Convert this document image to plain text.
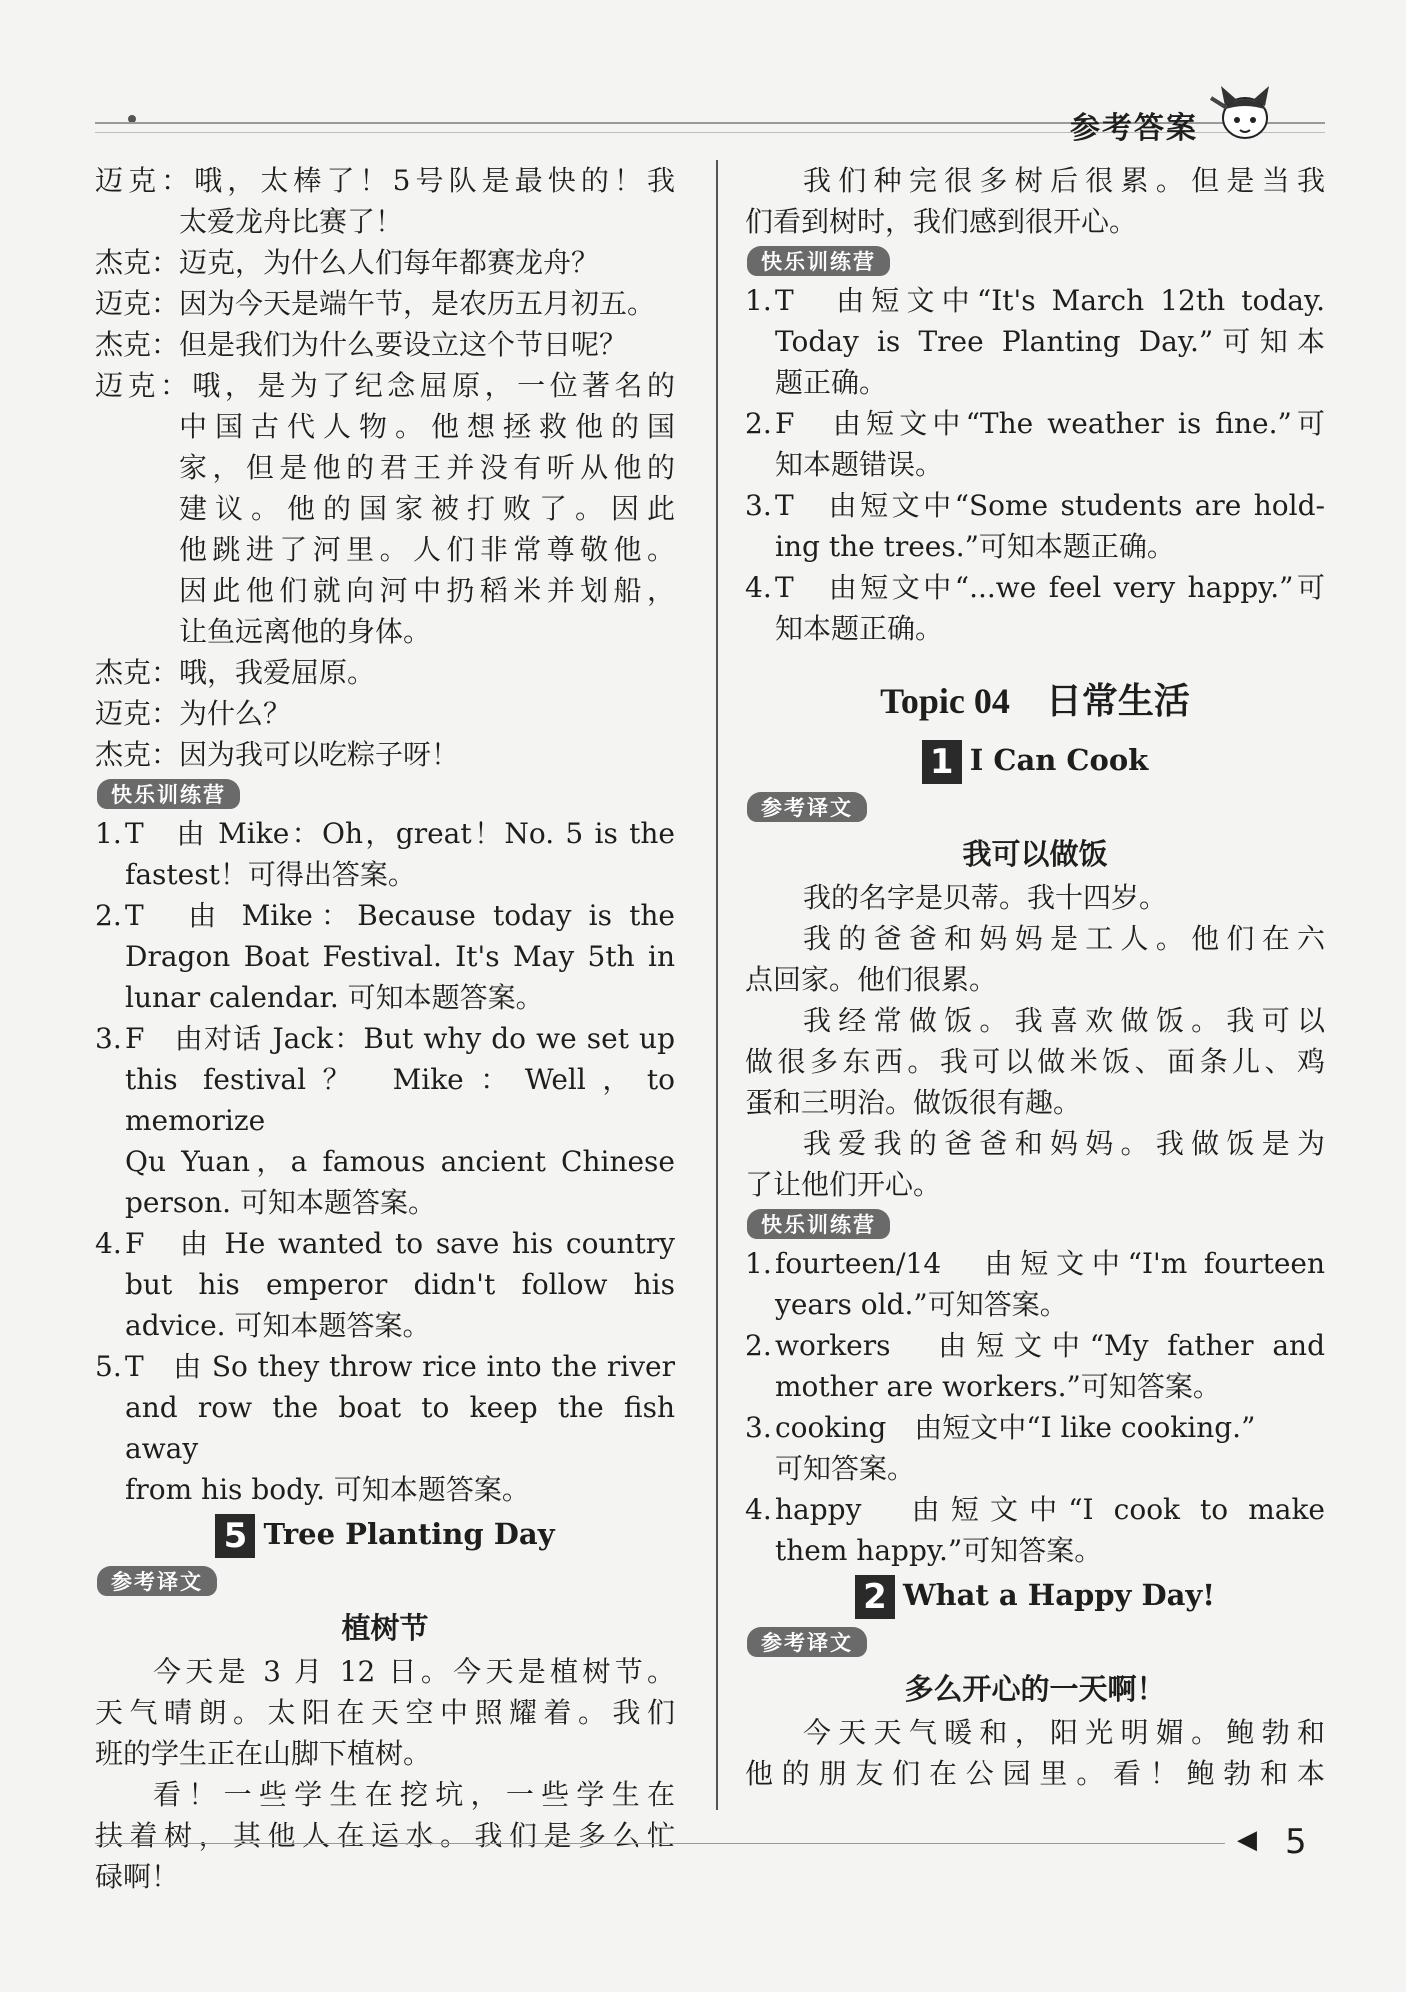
参考答案

迈克：哦，太棒了！5号队是最快的！我

太爱龙舟比赛了！

杰克：迈克，为什么人们每年都赛龙舟？

迈克：因为今天是端午节，是农历五月初五。

杰克：但是我们为什么要设立这个节日呢？

迈克：哦，是为了纪念屈原，一位著名的

中国古代人物。他想拯救他的国

家，但是他的君王并没有听从他的

建议。他的国家被打败了。因此

他跳进了河里。人们非常尊敬他。

因此他们就向河中扔稻米并划船，

让鱼远离他的身体。

杰克：哦，我爱屈原。

迈克：为什么？

杰克：因为我可以吃粽子呀！

快乐训练营

1. T　由 Mike：Oh，great！No. 5 is the

fastest！可得出答案。

2. T　由 Mike：Because today is the

Dragon Boat Festival. It's May 5th in

lunar calendar. 可知本题答案。

3. F　由对话 Jack：But why do we set up

this festival？ Mike：Well，to memorize

Qu Yuan，a famous ancient Chinese

person. 可知本题答案。

4. F　由 He wanted to save his country

but his emperor didn't follow his

advice. 可知本题答案。

5. T　由 So they throw rice into the river

and row the boat to keep the fish away

from his body. 可知本题答案。

5 Tree Planting Day
参考译文
植树节

今天是 3 月 12 日。今天是植树节。

天气晴朗。太阳在天空中照耀着。我们

班的学生正在山脚下植树。

看！一些学生在挖坑，一些学生在

扶着树，其他人在运水。我们是多么忙

碌啊！

我们种完很多树后很累。但是当我

们看到树时，我们感到很开心。

快乐训练营

1. T　由短文中“It's March 12th today.

Today is Tree Planting Day.”可知本

题正确。

2. F　由短文中“The weather is fine.”可

知本题错误。

3. T　由短文中“Some students are hold-

ing the trees.”可知本题正确。

4. T　由短文中“...we feel very happy.”可

知本题正确。

Topic 04　日常生活
1 I Can Cook
参考译文
我可以做饭

我的名字是贝蒂。我十四岁。

我的爸爸和妈妈是工人。他们在六

点回家。他们很累。

我经常做饭。我喜欢做饭。我可以

做很多东西。我可以做米饭、面条儿、鸡

蛋和三明治。做饭很有趣。

我爱我的爸爸和妈妈。我做饭是为

了让他们开心。

快乐训练营

1. fourteen/14　由短文中“I'm fourteen

years old.”可知答案。

2. workers　由短文中“My father and

mother are workers.”可知答案。

3. cooking　由短文中“I like cooking.”

可知答案。

4. happy　由短文中“I cook to make

them happy.”可知答案。

2 What a Happy Day!
参考译文
多么开心的一天啊！

今天天气暖和，阳光明媚。鲍勃和

他的朋友们在公园里。看！鲍勃和本

◀ 5
